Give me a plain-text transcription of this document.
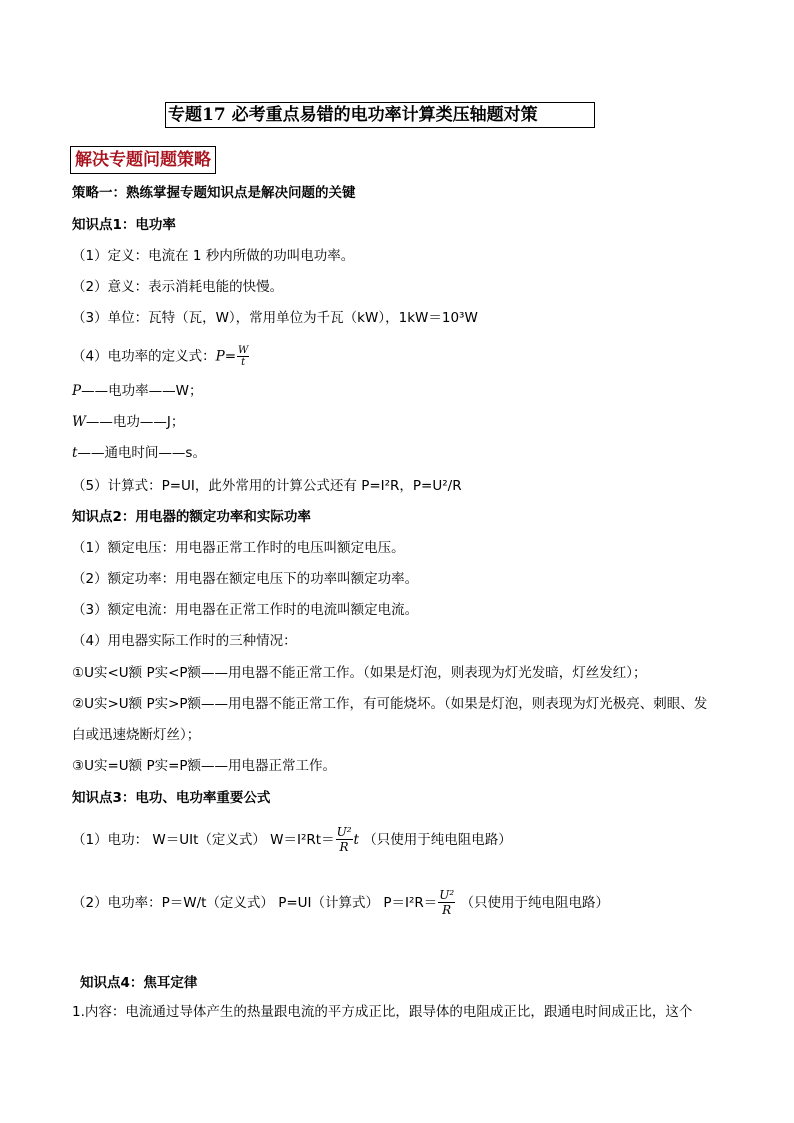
专题17 必考重点易错的电功率计算类压轴题对策
解决专题问题策略
策略一：熟练掌握专题知识点是解决问题的关键
知识点1：电功率
（1）定义：电流在 1 秒内所做的功叫电功率。
（2）意义：表示消耗电能的快慢。
（3）单位：瓦特（瓦，W），常用单位为千瓦（kW），1kW＝10³W
（4）电功率的定义式：$P= \frac{W}{t}$
P——电功率——W；
W——电功——J；
t——通电时间——s。
（5）计算式：P=UI，此外常用的计算公式还有 P=I²R，P=U²/R
知识点2：用电器的额定功率和实际功率
（1）额定电压：用电器正常工作时的电压叫额定电压。
（2）额定功率：用电器在额定电压下的功率叫额定功率。
（3）额定电流：用电器在正常工作时的电流叫额定电流。
（4）用电器实际工作时的三种情况：
①U实<U额 P实<P额——用电器不能正常工作。（如果是灯泡，则表现为灯光发暗，灯丝发红）；
②U实>U额 P实>P额——用电器不能正常工作，有可能烧坏。（如果是灯泡，则表现为灯光极亮、刺眼、发
白或迅速烧断灯丝）；
③U实=U额 P实=P额——用电器正常工作。
知识点3：电功、电功率重要公式
（1）电功： W＝UIt（定义式） $W=I^2Rt= \frac{\text{U²}}{R}$ t （只使用于纯电阻电路）
（2）电功率：P＝W/t（定义式） P=UI（计算式） $P=I^2R= \frac{\text{U²}}{R}$ （只使用于纯电阻电路）
知识点4：焦耳定律
1.内容：电流通过导体产生的热量跟电流的平方成正比，跟导体的电阻成正比，跟通电时间成正比，这个
